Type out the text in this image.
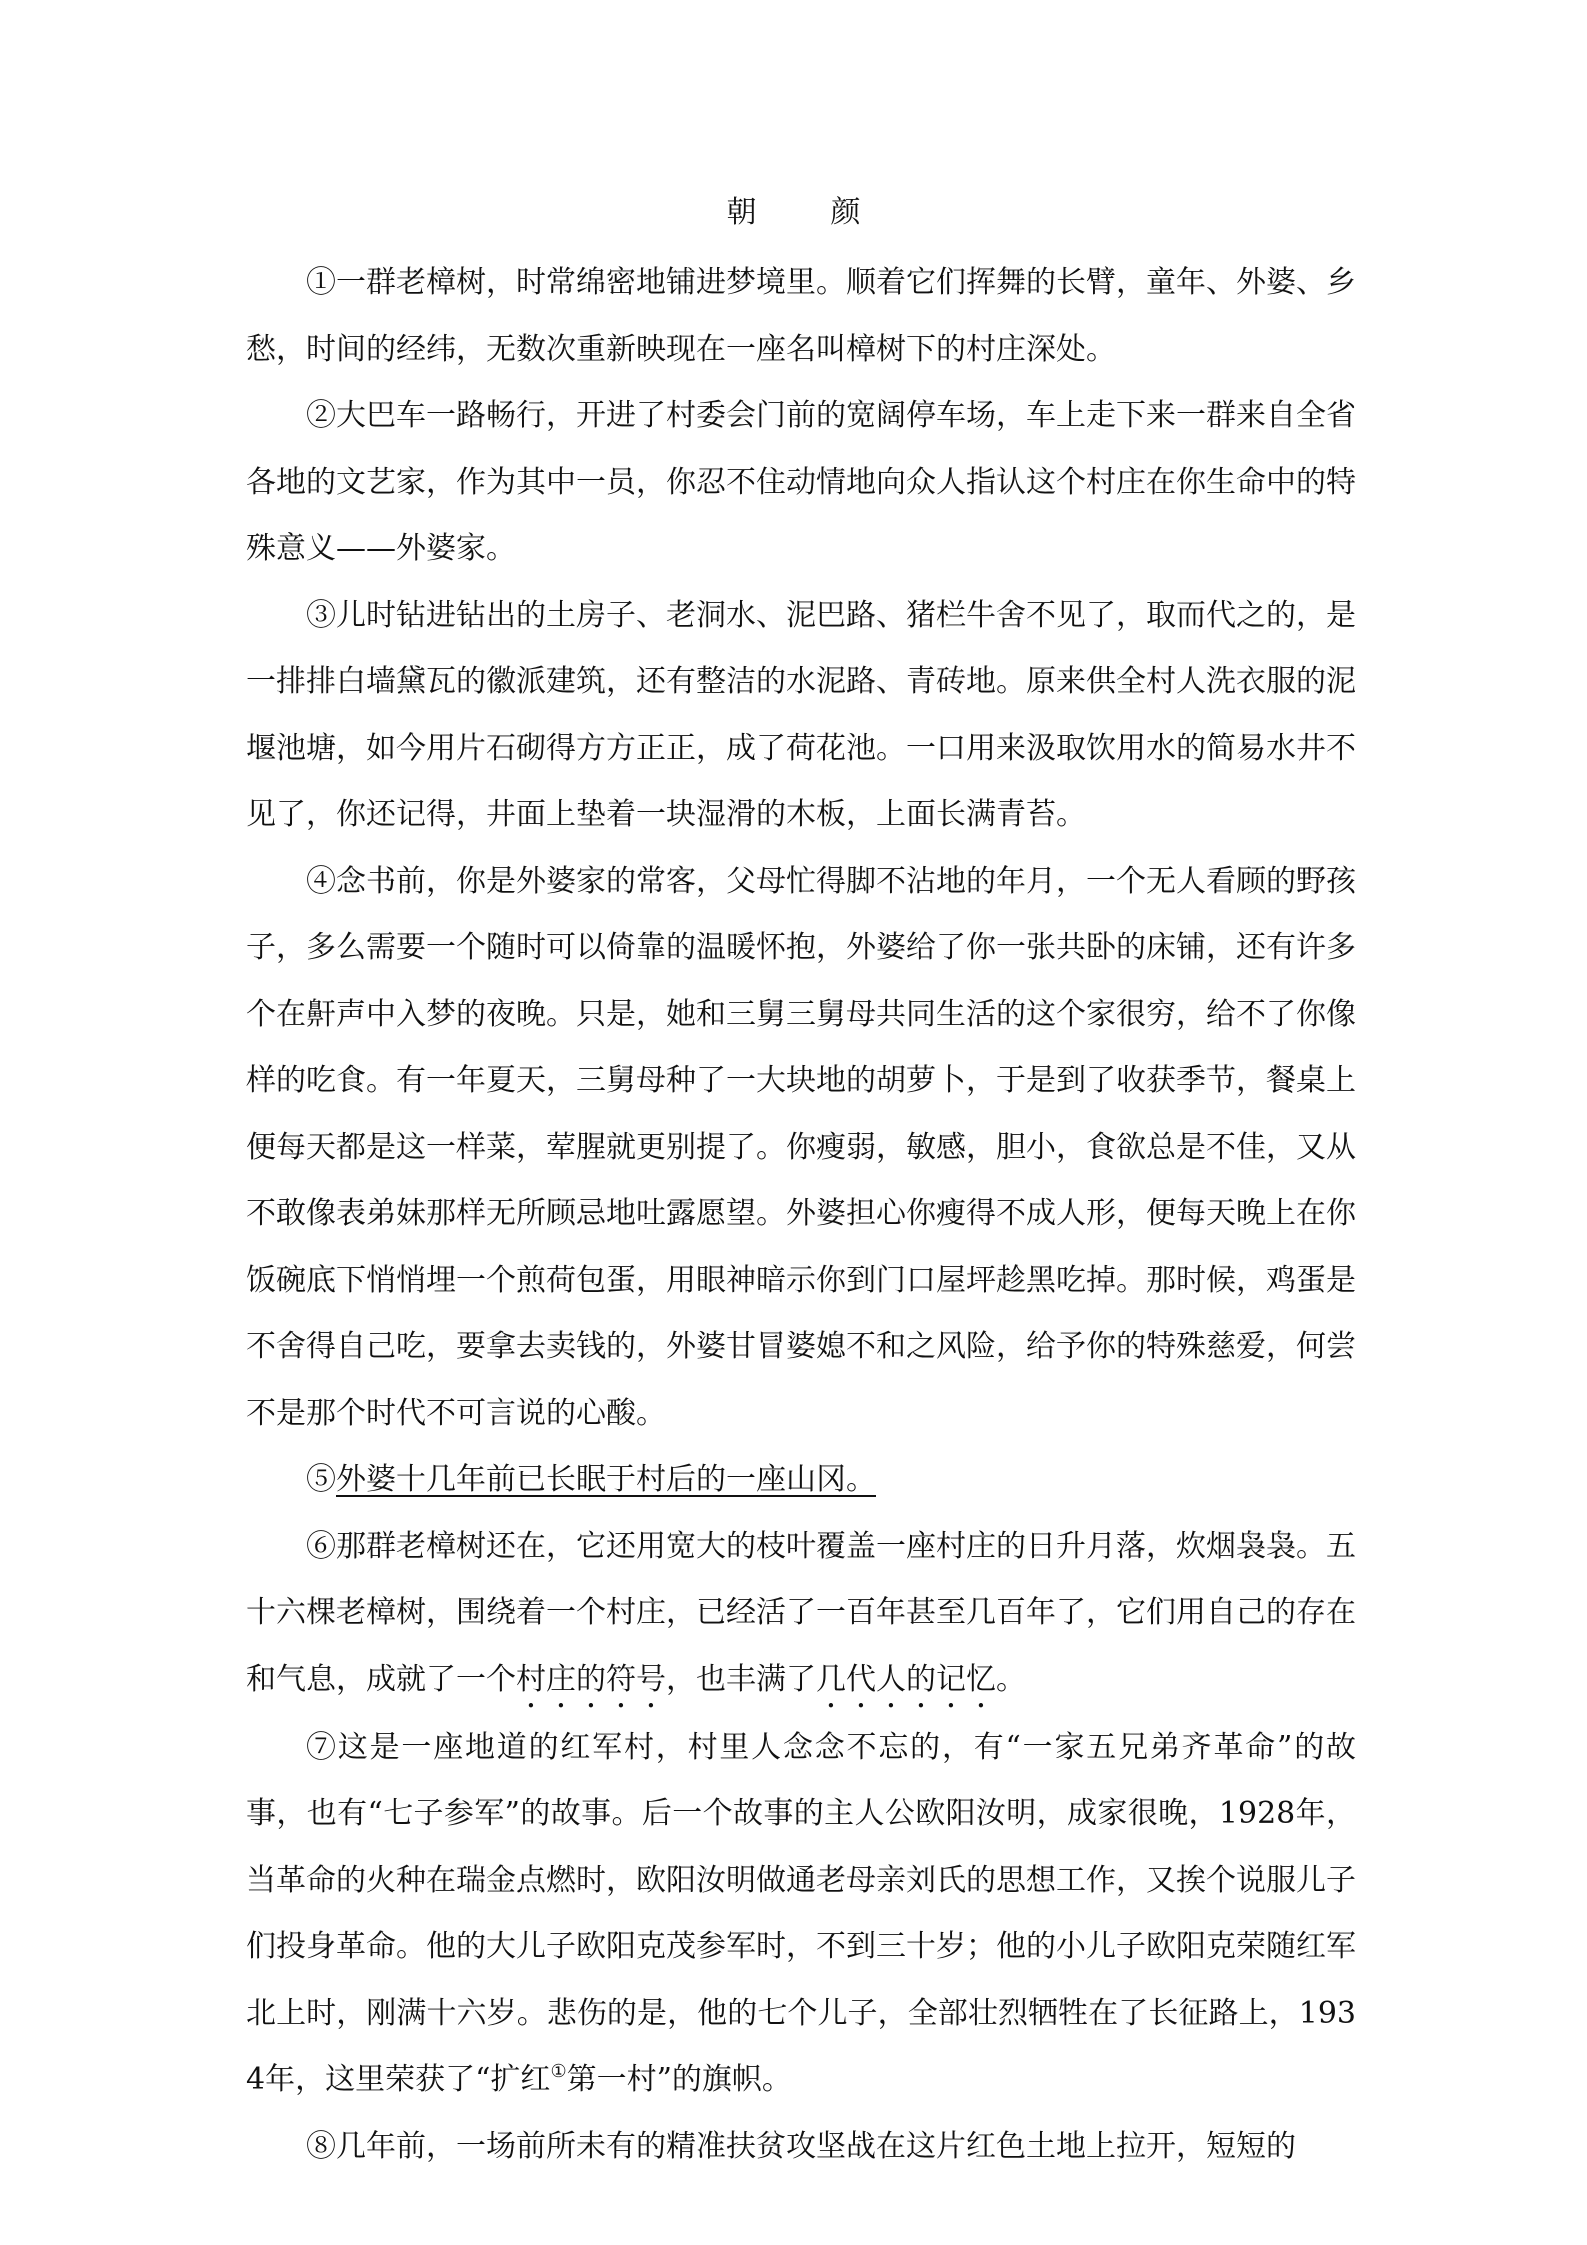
朝　颜

①一群老樟树，时常绵密地铺进梦境里。顺着它们挥舞的长臂，童年、外婆、乡愁，时间的经纬，无数次重新映现在一座名叫樟树下的村庄深处。

②大巴车一路畅行，开进了村委会门前的宽阔停车场，车上走下来一群来自全省各地的文艺家，作为其中一员，你忍不住动情地向众人指认这个村庄在你生命中的特殊意义——外婆家。

③儿时钻进钻出的土房子、老洞水、泥巴路、猪栏牛舍不见了，取而代之的，是一排排白墙黛瓦的徽派建筑，还有整洁的水泥路、青砖地。原来供全村人洗衣服的泥堰池塘，如今用片石砌得方方正正，成了荷花池。一口用来汲取饮用水的简易水井不见了，你还记得，井面上垫着一块湿滑的木板，上面长满青苔。

④念书前，你是外婆家的常客，父母忙得脚不沾地的年月，一个无人看顾的野孩子，多么需要一个随时可以倚靠的温暖怀抱，外婆给了你一张共卧的床铺，还有许多个在鼾声中入梦的夜晚。只是，她和三舅三舅母共同生活的这个家很穷，给不了你像样的吃食。有一年夏天，三舅母种了一大块地的胡萝卜，于是到了收获季节，餐桌上便每天都是这一样菜，荤腥就更别提了。你瘦弱，敏感，胆小，食欲总是不佳，又从不敢像表弟妹那样无所顾忌地吐露愿望。外婆担心你瘦得不成人形，便每天晚上在你饭碗底下悄悄埋一个煎荷包蛋，用眼神暗示你到门口屋坪趁黑吃掉。那时候，鸡蛋是不舍得自己吃，要拿去卖钱的，外婆甘冒婆媳不和之风险，给予你的特殊慈爱，何尝不是那个时代不可言说的心酸。

⑤外婆十几年前已长眠于村后的一座山冈。

⑥那群老樟树还在，它还用宽大的枝叶覆盖一座村庄的日升月落，炊烟袅袅。五十六棵老樟树，围绕着一个村庄，已经活了一百年甚至几百年了，它们用自己的存在和气息，成就了一个村庄的符号，也丰满了几代人的记忆。

⑦这是一座地道的红军村，村里人念念不忘的，有“一家五兄弟齐革命”的故事，也有“七子参军”的故事。后一个故事的主人公欧阳汝明，成家很晚，1928年，当革命的火种在瑞金点燃时，欧阳汝明做通老母亲刘氏的思想工作，又挨个说服儿子们投身革命。他的大儿子欧阳克茂参军时，不到三十岁；他的小儿子欧阳克荣随红军北上时，刚满十六岁。悲伤的是，他的七个儿子，全部壮烈牺牲在了长征路上，1934年，这里荣获了“扩红①第一村”的旗帜。

⑧几年前，一场前所未有的精准扶贫攻坚战在这片红色土地上拉开，短短的
